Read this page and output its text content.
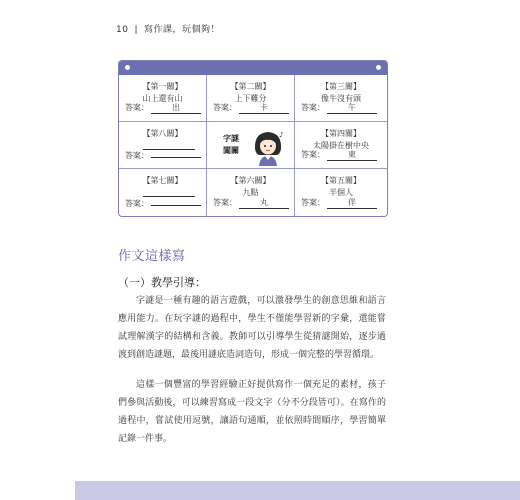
10 | 寫作課，玩個夠！
【第一關】
山上還有山
答案：	出
【第二關】
上下難分
答案：	卡
【第三關】
像牛沒有頭
答案：	午
【第八關】
答案：
字謎
闖關
♪	【第四關】
太陽掛在樹中央
答案：	東
【第七關】
答案：
【第六關】
九點
答案：	丸
【第五關】
半個人
答案：	伴
作文這樣寫
（一）教學引導：

字謎是一種有趣的語言遊戲，可以激發學生的創意思維和語言應用能力。在玩字謎的過程中，學生不僅能學習新的字彙，還能嘗試理解漢字的結構和含義。教師可以引導學生從猜謎開始，逐步過渡到創造謎題，最後用謎底造詞造句，形成一個完整的學習循環。

這樣一個豐富的學習經驗正好提供寫作一個充足的素材，孩子們參與活動後，可以練習寫成一段文字（分不分段皆可）。在寫作的過程中，嘗試使用逗號，讓語句通順，並依照時間順序，學習簡單記錄一件事。
